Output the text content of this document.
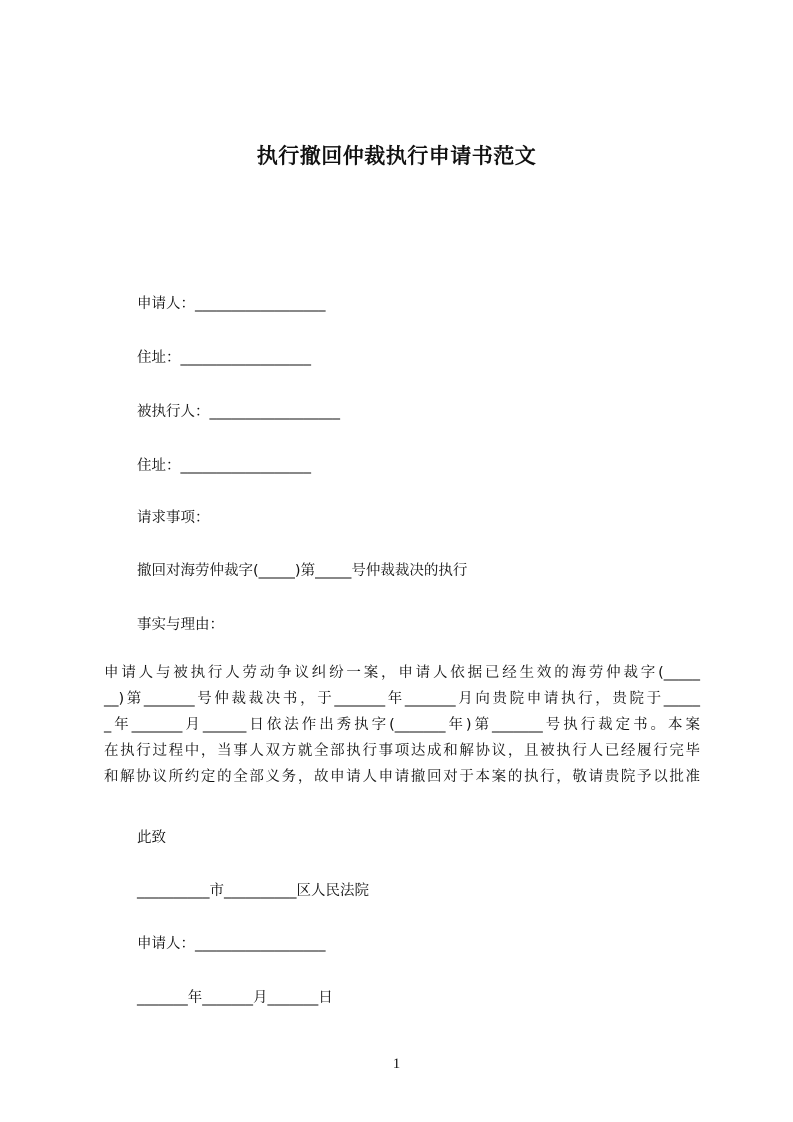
执行撤回仲裁执行申请书范文
申请人：__________________
住址：__________________
被执行人：__________________
住址：__________________
请求事项：
撤回对海劳仲裁字(_____)第_____号仲裁裁决的执行
事实与理由：
申请人与被执行人劳动争议纠纷一案，申请人依据已经生效的海劳仲裁字(_____
__)第_______号仲裁裁决书，于_______年_______月向贵院申请执行，贵院于_____
_年_______月______日依法作出秀执字(_______年)第_______号执行裁定书。本案
在执行过程中，当事人双方就全部执行事项达成和解协议，且被执行人已经履行完毕
和解协议所约定的全部义务，故申请人申请撤回对于本案的执行，敬请贵院予以批准
此致
__________市__________区人民法院
申请人：__________________
_______年_______月_______日
1
